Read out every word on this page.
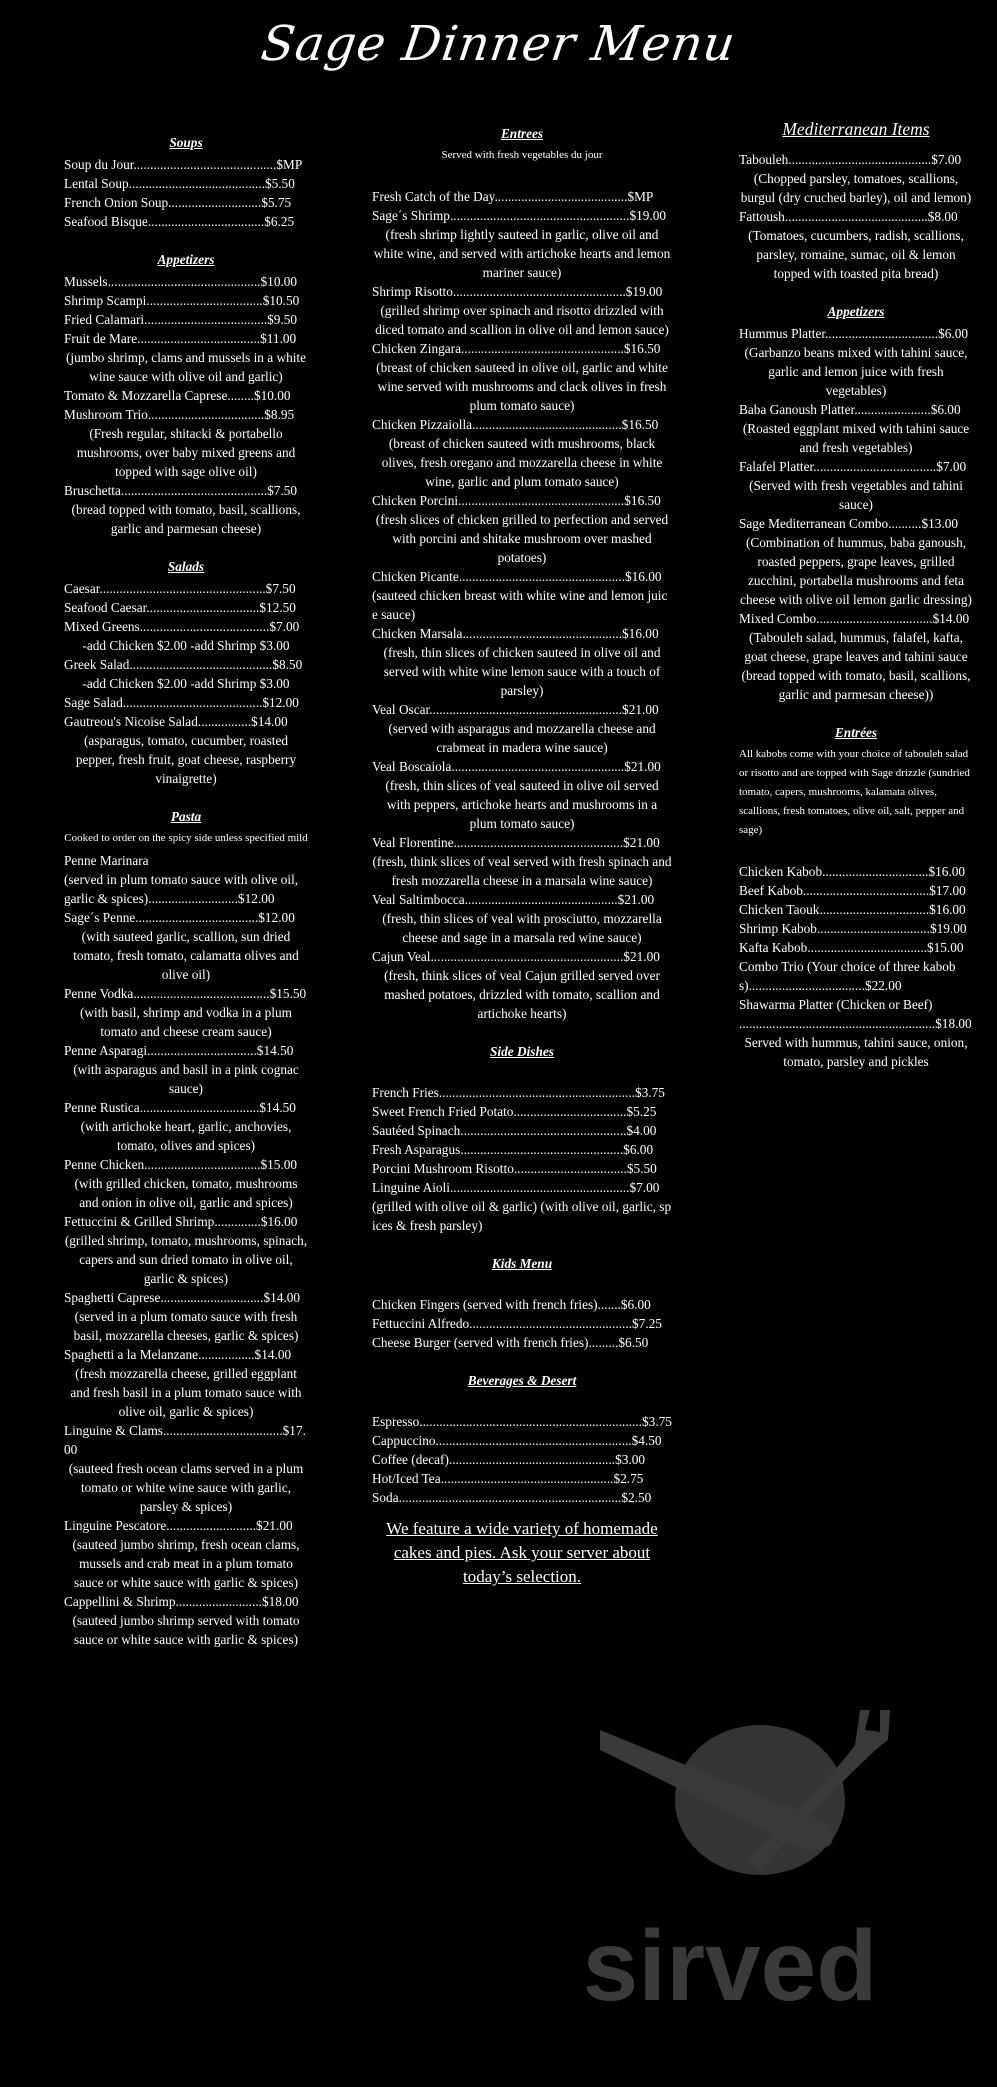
Sage Dinner Menu
Soups
Soup du Jour...........................................$MP
Lental Soup.........................................$5.50
French Onion Soup............................$5.75
Seafood Bisque...................................$6.25
Appetizers
Mussels..............................................$10.00
Shrimp Scampi...................................$10.50
Fried Calamari.....................................$9.50
Fruit de Mare.....................................$11.00
(jumbo shrimp, clams and mussels in a white wine sauce with olive oil and garlic)
Tomato & Mozzarella Caprese........$10.00
Mushroom Trio...................................$8.95
(Fresh regular, shitacki & portabello mushrooms, over baby mixed greens and topped with sage olive oil)
Bruschetta............................................$7.50
(bread topped with tomato, basil, scallions, garlic and parmesan cheese)
Salads
Caesar..................................................$7.50
Seafood Caesar..................................$12.50
Mixed Greens.......................................$7.00
-add Chicken $2.00 -add Shrimp $3.00
Greek Salad...........................................$8.50
-add Chicken $2.00 -add Shrimp $3.00
Sage Salad..........................................$12.00
Gautreou's Nicoise Salad................$14.00
(asparagus, tomato, cucumber, roasted pepper, fresh fruit, goat cheese, raspberry vinaigrette)
Pasta
Cooked to order on the spicy side unless specified mild
Penne Marinara
(served in plum tomato sauce with olive oil, garlic & spices)...........................$12.00
Sage´s Penne.....................................$12.00
(with sauteed garlic, scallion, sun dried tomato, fresh tomato, calamatta olives and olive oil)
Penne Vodka.........................................$15.50
(with basil, shrimp and vodka in a plum tomato and cheese cream sauce)
Penne Asparagi.................................$14.50
(with asparagus and basil in a pink cognac sauce)
Penne Rustica....................................$14.50
(with artichoke heart, garlic, anchovies, tomato, olives and spices)
Penne Chicken...................................$15.00
(with grilled chicken, tomato, mushrooms and onion in olive oil, garlic and spices)
Fettuccini & Grilled Shrimp..............$16.00
(grilled shrimp, tomato, mushrooms, spinach, capers and sun dried tomato in olive oil, garlic & spices)
Spaghetti Caprese...............................$14.00
(served in a plum tomato sauce with fresh basil, mozzarella cheeses, garlic & spices)
Spaghetti a la Melanzane.................$14.00
(fresh mozzarella cheese, grilled eggplant and fresh basil in a plum tomato sauce with olive oil, garlic & spices)
Linguine & Clams....................................$17.00
(sauteed fresh ocean clams served in a plum tomato or white wine sauce with garlic, parsley & spices)
Linguine Pescatore...........................$21.00
(sauteed jumbo shrimp, fresh ocean clams, mussels and crab meat in a plum tomato sauce or white sauce with garlic & spices)
Cappellini & Shrimp..........................$18.00
(sauteed jumbo shrimp served with tomato sauce or white sauce with garlic & spices)
Entrees
Served with fresh vegetables du jour
Fresh Catch of the Day........................................$MP
Sage´s Shrimp......................................................$19.00
(fresh shrimp lightly sauteed in garlic, olive oil and white wine, and served with artichoke hearts and lemon mariner sauce)
Shrimp Risotto....................................................$19.00
(grilled shrimp over spinach and risotto drizzled with diced tomato and scallion in olive oil and lemon sauce)
Chicken Zingara.................................................$16.50
(breast of chicken sauteed in olive oil, garlic and white wine served with mushrooms and clack olives in fresh plum tomato sauce)
Chicken Pizzaiolla.............................................$16.50
(breast of chicken sauteed with mushrooms, black olives, fresh oregano and mozzarella cheese in white wine, garlic and plum tomato sauce)
Chicken Porcini..................................................$16.50
(fresh slices of chicken grilled to perfection and served with porcini and shitake mushroom over mashed potatoes)
Chicken Picante..................................................$16.00
(sauteed chicken breast with white wine and lemon juice sauce)
Chicken Marsala................................................$16.00
(fresh, thin slices of chicken sauteed in olive oil and served with white wine lemon sauce with a touch of parsley)
Veal Oscar..........................................................$21.00
(served with asparagus and mozzarella cheese and crabmeat in madera wine sauce)
Veal Boscaiola....................................................$21.00
(fresh, thin slices of veal sauteed in olive oil served with peppers, artichoke hearts and mushrooms in a plum tomato sauce)
Veal Florentine...................................................$21.00
(fresh, think slices of veal served with fresh spinach and fresh mozzarella cheese in a marsala wine sauce)
Veal Saltimbocca..............................................$21.00
(fresh, thin slices of veal with prosciutto, mozzarella cheese and sage in a marsala red wine sauce)
Cajun Veal..........................................................$21.00
(fresh, think slices of veal Cajun grilled served over mashed potatoes, drizzled with tomato, scallion and artichoke hearts)
Side Dishes
French Fries...........................................................$3.75
Sweet French Fried Potato..................................$5.25
Sautéed Spinach..................................................$4.00
Fresh Asparagus.................................................$6.00
Porcini Mushroom Risotto..................................$5.50
Linguine Aioli......................................................$7.00
(grilled with olive oil & garlic) (with olive oil, garlic, spices & fresh parsley)
Kids Menu
Chicken Fingers (served with french fries).......$6.00
Fettuccini Alfredo.................................................$7.25
Cheese Burger (served with french fries).........$6.50
Beverages & Desert
Espresso...................................................................$3.75
Cappuccino...........................................................$4.50
Coffee (decaf)..................................................$3.00
Hot/Iced Tea....................................................$2.75
Soda...................................................................$2.50
We feature a wide variety of homemade cakes and pies. Ask your server about today’s selection.
Mediterranean Items
Tabouleh...........................................$7.00
(Chopped parsley, tomatoes, scallions, burgul (dry cruched barley), oil and lemon)
Fattoush...........................................$8.00
(Tomatoes, cucumbers, radish, scallions, parsley, romaine, sumac, oil & lemon topped with toasted pita bread)
Appetizers
Hummus Platter..................................$6.00
(Garbanzo beans mixed with tahini sauce, garlic and lemon juice with fresh vegetables)
Baba Ganoush Platter.......................$6.00
(Roasted eggplant mixed with tahini sauce and fresh vegetables)
Falafel Platter.....................................$7.00
(Served with fresh vegetables and tahini sauce)
Sage Mediterranean Combo..........$13.00
(Combination of hummus, baba ganoush, roasted peppers, grape leaves, grilled zucchini, portabella mushrooms and feta cheese with olive oil lemon garlic dressing)
Mixed Combo...................................$14.00
(Tabouleh salad, hummus, falafel, kafta, goat cheese, grape leaves and tahini sauce (bread topped with tomato, basil, scallions, garlic and parmesan cheese))
Entrées
All kabobs come with your choice of tabouleh salad or risotto and are topped with Sage drizzle (sundried tomato, capers, mushrooms, kalamata olives, scallions, fresh tomatoes, olive oil, salt, pepper and sage)
Chicken Kabob................................$16.00
Beef Kabob......................................$17.00
Chicken Taouk.................................$16.00
Shrimp Kabob..................................$19.00
Kafta Kabob....................................$15.00
Combo Trio (Your choice of three kabobs)...................................$22.00
Shawarma Platter (Chicken or Beef) ...........................................................$18.00
Served with hummus, tahini sauce, onion, tomato, parsley and pickles
sirved
